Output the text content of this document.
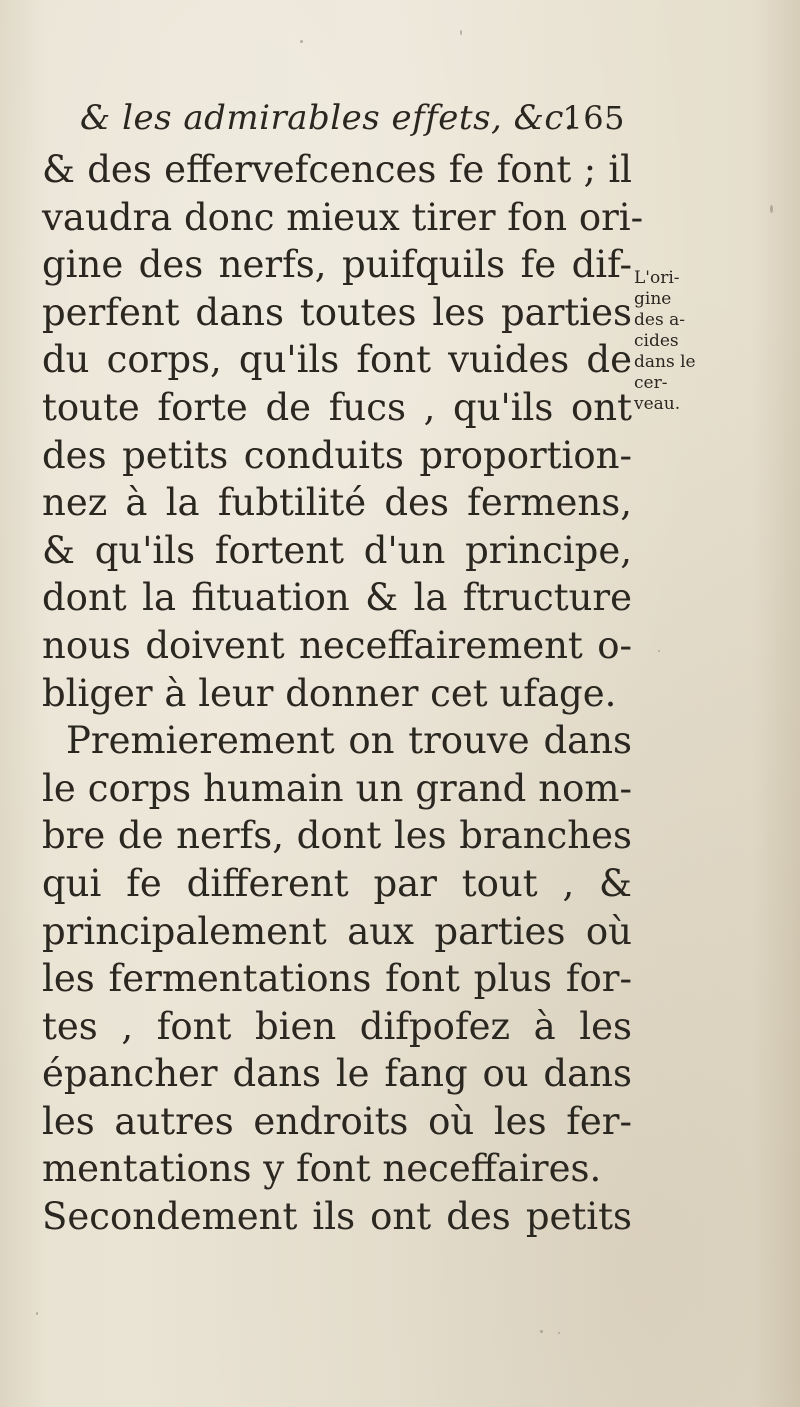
& les admirables effets, &c.
165
& des effervefcences fe font ; il
vaudra donc mieux tirer fon ori-
gine des nerfs, puifquils fe dif-
perfent dans toutes les parties
du corps, qu'ils font vuides de
toute forte de fucs , qu'ils ont
des petits conduits proportion-
nez à la fubtilité des fermens,
& qu'ils fortent d'un principe,
dont la fituation & la ftructure
nous doivent neceffairement o-
bliger à leur donner cet ufage.
Premierement on trouve dans
le corps humain un grand nom-
bre de nerfs, dont les branches
qui fe different par tout , &
principalement aux parties où
les fermentations font plus for-
tes , font bien difpofez à les
épancher dans le fang ou dans
les autres endroits où les fer-
mentations y font neceffaires.
Secondement ils ont des petits
L'ori-
gine
des a-
cides
dans le
cer-
veau.
